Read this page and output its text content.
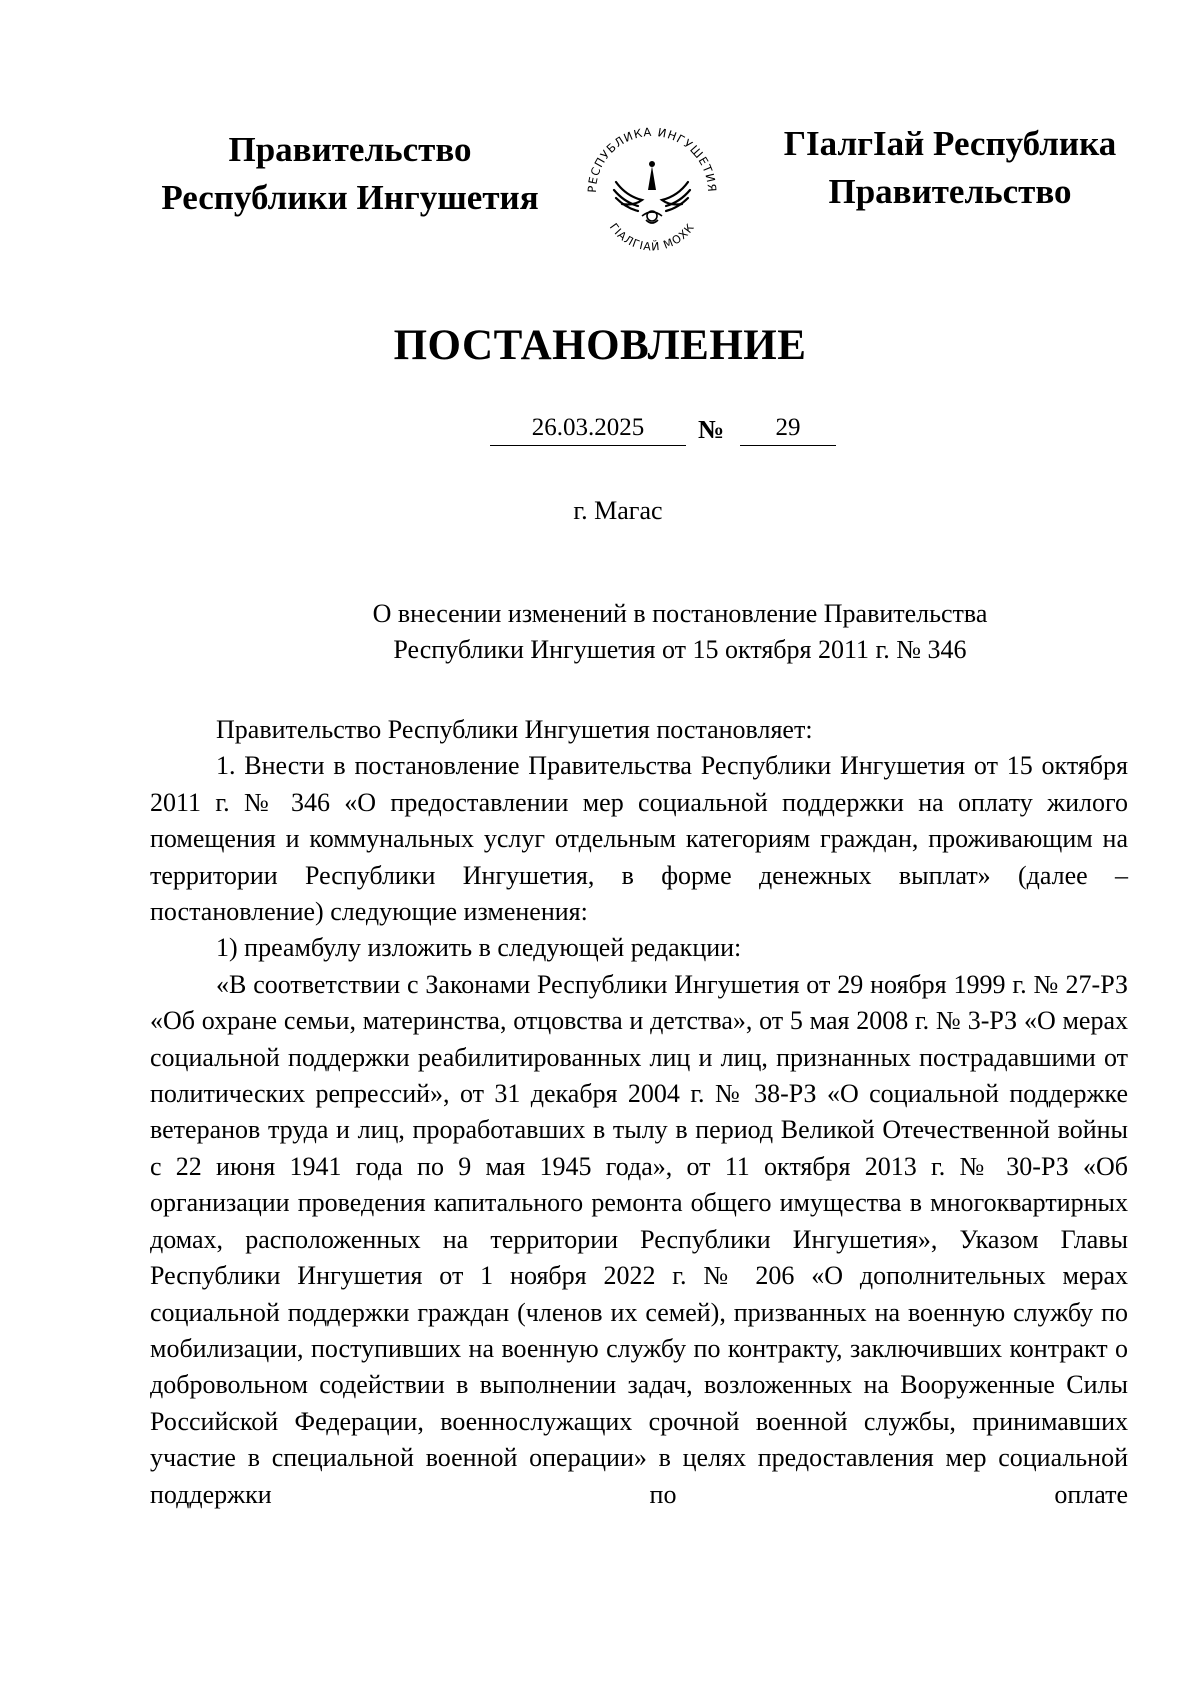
Правительство
Республики Ингушетия	РЕСПУБЛИКА ИНГУШЕТИЯ
ГIАЛГIАЙ МОХК
ГIалгIай Республика
Правительство
ПОСТАНОВЛЕНИЕ
26.03.2025	№	29
г. Магас
О внесении изменений в постановление Правительства
Республики Ингушетия от 15 октября 2011 г. № 346

Правительство Республики Ингушетия постановляет:

1. Внести в постановление Правительства Республики Ингушетия от 15 октября 2011 г. № 346 «О предоставлении мер социальной поддержки на оплату жилого помещения и коммунальных услуг отдельным категориям граждан, проживающим на территории Республики Ингушетия, в форме денежных выплат» (далее – постановление) следующие изменения:

1) преамбулу изложить в следующей редакции:

«В соответствии с Законами Республики Ингушетия от 29 ноября 1999 г. № 27-РЗ «Об охране семьи, материнства, отцовства и детства», от 5 мая 2008 г. № 3-РЗ «О мерах социальной поддержки реабилитированных лиц и лиц, признанных пострадавшими от политических репрессий», от 31 декабря 2004 г. № 38-РЗ «О социальной поддержке ветеранов труда и лиц, проработавших в тылу в период Великой Отечественной войны с 22 июня 1941 года по 9 мая 1945 года», от 11 октября 2013 г. № 30-РЗ «Об организации проведения капитального ремонта общего имущества в многоквартирных домах, расположенных на территории Республики Ингушетия», Указом Главы Республики Ингушетия от 1 ноября 2022 г. № 206 «О дополнительных мерах социальной поддержки граждан (членов их семей), призванных на военную службу по мобилизации, поступивших на военную службу по контракту, заключивших контракт о добровольном содействии в выполнении задач, возложенных на Вооруженные Силы Российской Федерации, военнослужащих срочной военной службы, принимавших участие в специальной военной операции» в целях предоставления мер социальной поддержки по оплате
